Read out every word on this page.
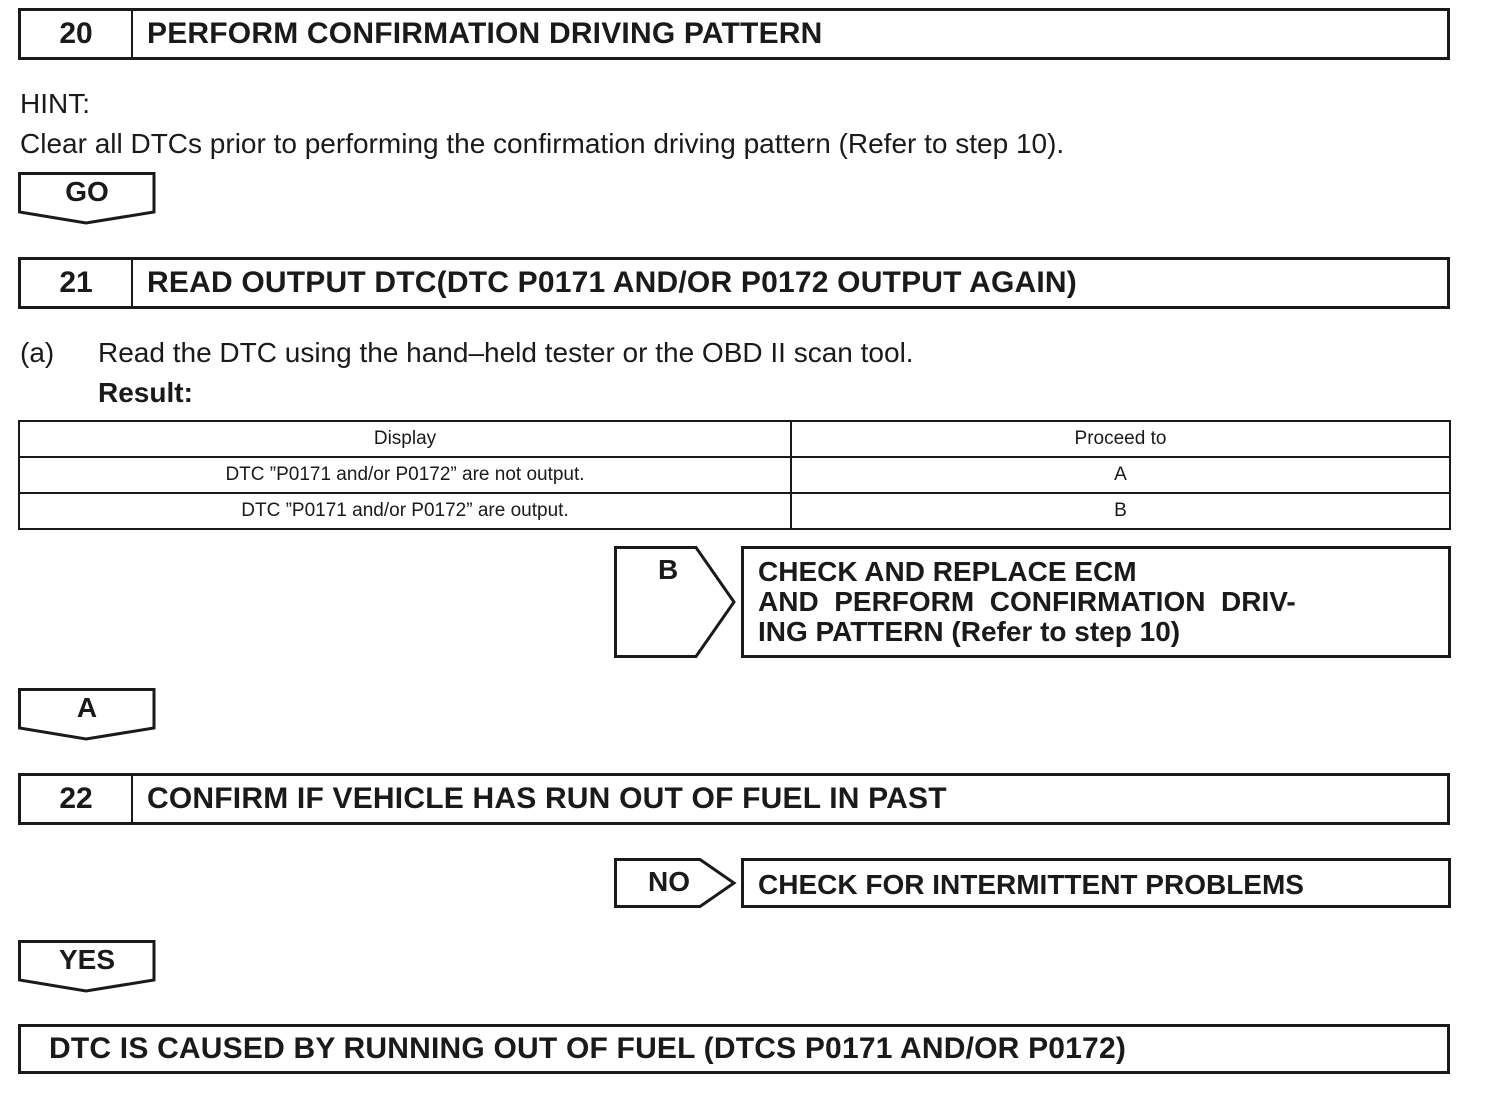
20	PERFORM CONFIRMATION DRIVING PATTERN
HINT:
Clear all DTCs prior to performing the confirmation driving pattern (Refer to step 10).
GO
21	READ OUTPUT DTC(DTC P0171 AND/OR P0172 OUTPUT AGAIN)
(a) Read the DTC using the hand–held tester or the OBD II scan tool.
Result:
Display	Proceed to
DTC ”P0171 and/or P0172” are not output.	A
DTC ”P0171 and/or P0172” are output.	B
B	CHECK AND REPLACE ECM
AND  PERFORM  CONFIRMATION  DRIV-
ING PATTERN (Refer to step 10)
A
22	CONFIRM IF VEHICLE HAS RUN OUT OF FUEL IN PAST
NO CHECK FOR INTERMITTENT PROBLEMS
YES
DTC IS CAUSED BY RUNNING OUT OF FUEL (DTCS P0171 AND/OR P0172)
